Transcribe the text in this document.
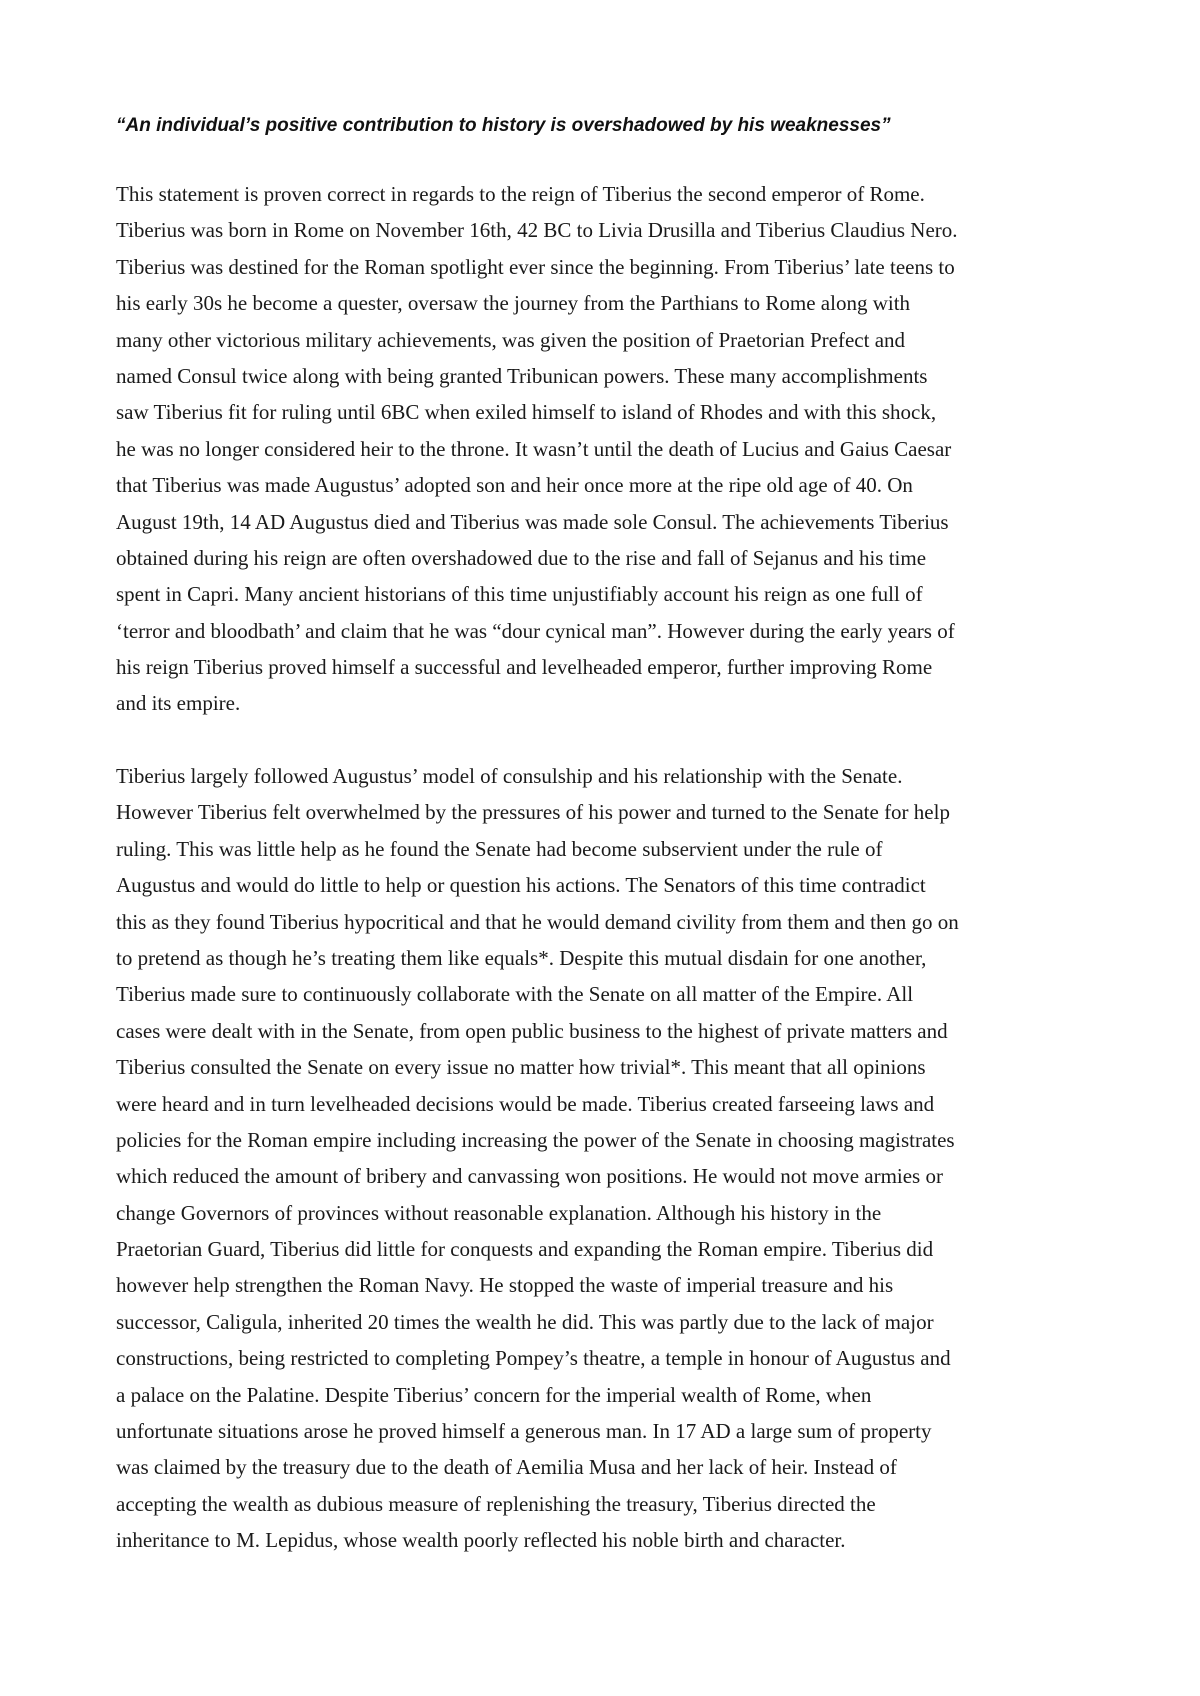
“An individual’s positive contribution to history is overshadowed by his weaknesses”
This statement is proven correct in regards to the reign of Tiberius the second emperor of Rome.
Tiberius was born in Rome on November 16th, 42 BC to Livia Drusilla and Tiberius Claudius Nero.
Tiberius was destined for the Roman spotlight ever since the beginning. From Tiberius’ late teens to
his early 30s he become a quester, oversaw the journey from the Parthians to Rome along with
many other victorious military achievements, was given the position of Praetorian Prefect and
named Consul twice along with being granted Tribunican powers. These many accomplishments
saw Tiberius fit for ruling until 6BC when exiled himself to island of Rhodes and with this shock,
he was no longer considered heir to the throne. It wasn’t until the death of Lucius and Gaius Caesar
that Tiberius was made Augustus’ adopted son and heir once more at the ripe old age of 40. On
August 19th, 14 AD Augustus died and Tiberius was made sole Consul. The achievements Tiberius
obtained during his reign are often overshadowed due to the rise and fall of Sejanus and his time
spent in Capri. Many ancient historians of this time unjustifiably account his reign as one full of
‘terror and bloodbath’ and claim that he was “dour cynical man”. However during the early years of
his reign Tiberius proved himself a successful and levelheaded emperor, further improving Rome
and its empire.
Tiberius largely followed Augustus’ model of consulship and his relationship with the Senate.
However Tiberius felt overwhelmed by the pressures of his power and turned to the Senate for help
ruling. This was little help as he found the Senate had become subservient under the rule of
Augustus and would do little to help or question his actions. The Senators of this time contradict
this as they found Tiberius hypocritical and that he would demand civility from them and then go on
to pretend as though he’s treating them like equals*. Despite this mutual disdain for one another,
Tiberius made sure to continuously collaborate with the Senate on all matter of the Empire. All
cases were dealt with in the Senate, from open public business to the highest of private matters and
Tiberius consulted the Senate on every issue no matter how trivial*. This meant that all opinions
were heard and in turn levelheaded decisions would be made. Tiberius created farseeing laws and
policies for the Roman empire including increasing the power of the Senate in choosing magistrates
which reduced the amount of bribery and canvassing won positions. He would not move armies or
change Governors of provinces without reasonable explanation. Although his history in the
Praetorian Guard, Tiberius did little for conquests and expanding the Roman empire. Tiberius did
however help strengthen the Roman Navy. He stopped the waste of imperial treasure and his
successor, Caligula, inherited 20 times the wealth he did. This was partly due to the lack of major
constructions, being restricted to completing Pompey’s theatre, a temple in honour of Augustus and
a palace on the Palatine. Despite Tiberius’ concern for the imperial wealth of Rome, when
unfortunate situations arose he proved himself a generous man. In 17 AD a large sum of property
was claimed by the treasury due to the death of Aemilia Musa and her lack of heir. Instead of
accepting the wealth as dubious measure of replenishing the treasury, Tiberius directed the
inheritance to M. Lepidus, whose wealth poorly reflected his noble birth and character.
